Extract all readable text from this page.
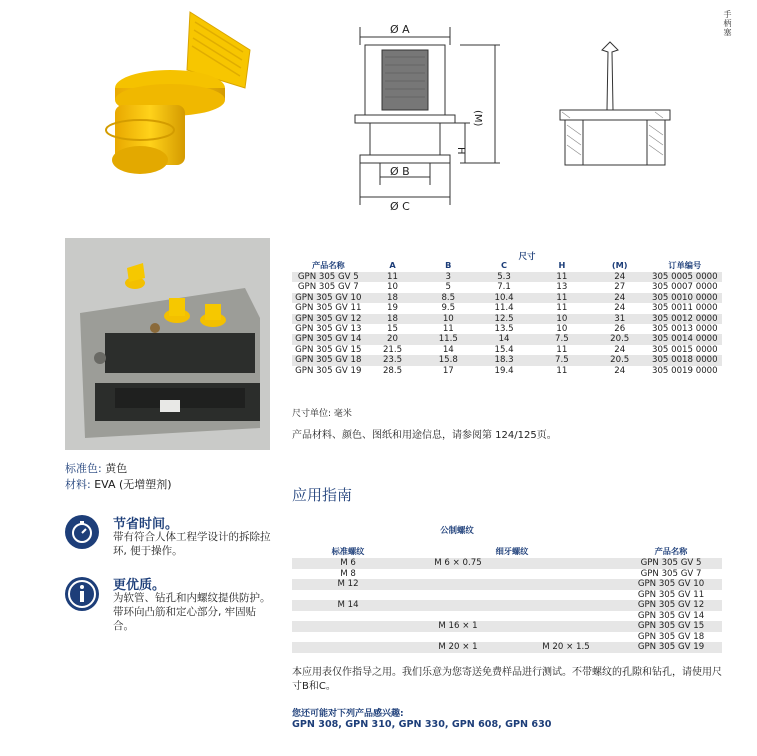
手柄塞
Ø A
Ø B
Ø C
(M)
H
标准色: 黄色
材料: EVA (无增塑剂)
节省时间。
带有符合人体工程学设计的拆除拉环, 便于操作。
更优质。
为软管、钻孔和内螺纹提供防护。 带环向凸筋和定心部分, 牢固贴合。
尺寸
产品名称	A	B	C	H	(M)	订单编号
GPN 305 GV 5	11	3	5.3	11	24	305 0005 0000
GPN 305 GV 7	10	5	7.1	13	27	305 0007 0000
GPN 305 GV 10	18	8.5	10.4	11	24	305 0010 0000
GPN 305 GV 11	19	9.5	11.4	11	24	305 0011 0000
GPN 305 GV 12	18	10	12.5	10	31	305 0012 0000
GPN 305 GV 13	15	11	13.5	10	26	305 0013 0000
GPN 305 GV 14	20	11.5	14	7.5	20.5	305 0014 0000
GPN 305 GV 15	21.5	14	15.4	11	24	305 0015 0000
GPN 305 GV 18	23.5	15.8	18.3	7.5	20.5	305 0018 0000
GPN 305 GV 19	28.5	17	19.4	11	24	305 0019 0000
尺寸单位: 毫米
产品材料、颜色、图纸和用途信息，请参阅第 124/125页。
应用指南
公制螺纹
标准螺纹	细牙螺纹		产品名称
M 6	M 6 × 0.75		GPN 305 GV 5
M 8			GPN 305 GV 7
M 12			GPN 305 GV 10
			GPN 305 GV 11
M 14			GPN 305 GV 12
			GPN 305 GV 14
	M 16 × 1		GPN 305 GV 15
			GPN 305 GV 18
	M 20 × 1	M 20 × 1.5	GPN 305 GV 19
本应用表仅作指导之用。我们乐意为您寄送免费样品进行测试。不带螺纹的孔隙和钻孔，请使用尺寸B和C。
您还可能对下列产品感兴趣:
GPN 308, GPN 310, GPN 330, GPN 608, GPN 630
